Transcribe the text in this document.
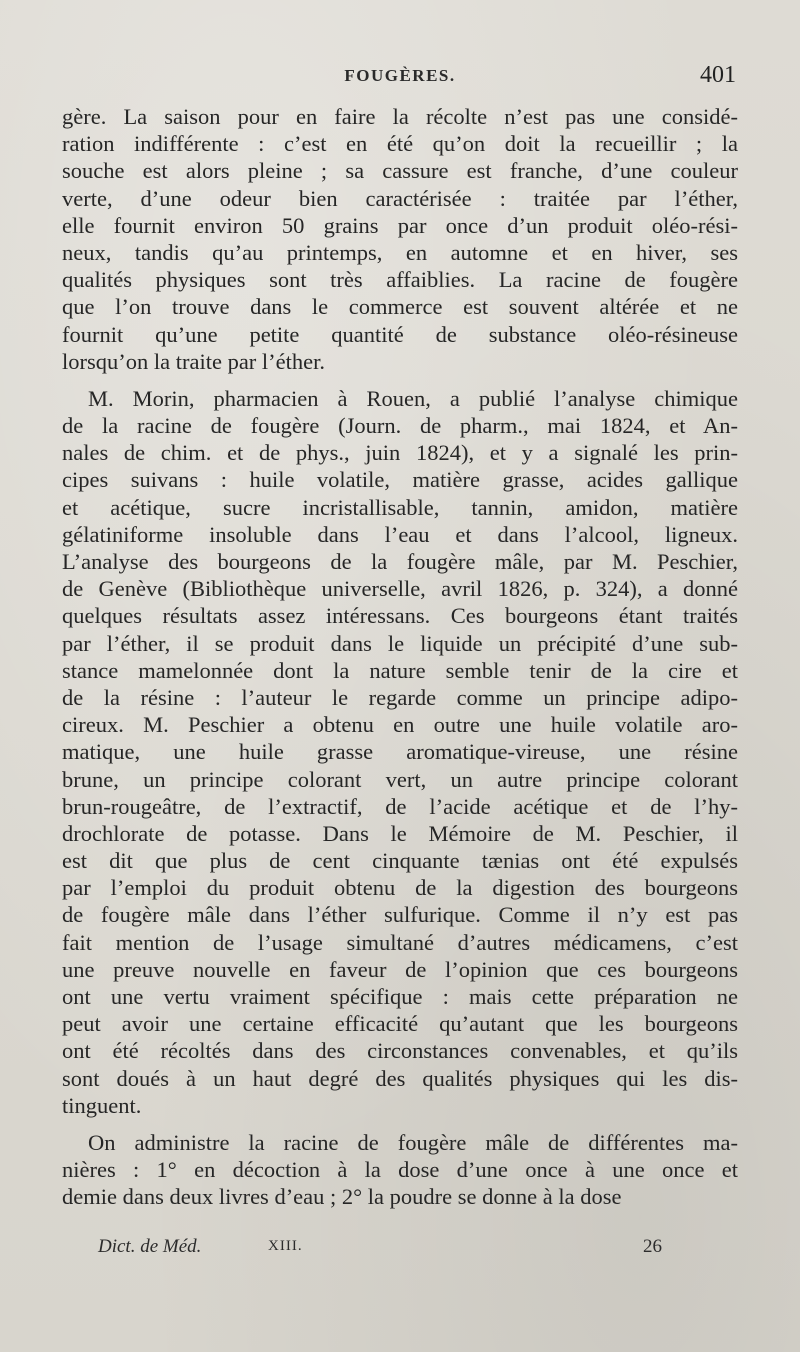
FOUGÈRES.	401
gère. La saison pour en faire la récolte n’est pas une considé-
ration indifférente : c’est en été qu’on doit la recueillir ; la
souche est alors pleine ; sa cassure est franche, d’une couleur
verte, d’une odeur bien caractérisée : traitée par l’éther,
elle fournit environ 50 grains par once d’un produit oléo-rési-
neux, tandis qu’au printemps, en automne et en hiver, ses
qualités physiques sont très affaiblies. La racine de fougère
que l’on trouve dans le commerce est souvent altérée et ne
fournit qu’une petite quantité de substance oléo-résineuse
lorsqu’on la traite par l’éther.
M. Morin, pharmacien à Rouen, a publié l’analyse chimique
de la racine de fougère (Journ. de pharm., mai 1824, et An-
nales de chim. et de phys., juin 1824), et y a signalé les prin-
cipes suivans : huile volatile, matière grasse, acides gallique
et acétique, sucre incristallisable, tannin, amidon, matière
gélatiniforme insoluble dans l’eau et dans l’alcool, ligneux.
L’analyse des bourgeons de la fougère mâle, par M. Peschier,
de Genève (Bibliothèque universelle, avril 1826, p. 324), a donné
quelques résultats assez intéressans. Ces bourgeons étant traités
par l’éther, il se produit dans le liquide un précipité d’une sub-
stance mamelonnée dont la nature semble tenir de la cire et
de la résine : l’auteur le regarde comme un principe adipo-
cireux. M. Peschier a obtenu en outre une huile volatile aro-
matique, une huile grasse aromatique-vireuse, une résine
brune, un principe colorant vert, un autre principe colorant
brun-rougeâtre, de l’extractif, de l’acide acétique et de l’hy-
drochlorate de potasse. Dans le Mémoire de M. Peschier, il
est dit que plus de cent cinquante tænias ont été expulsés
par l’emploi du produit obtenu de la digestion des bourgeons
de fougère mâle dans l’éther sulfurique. Comme il n’y est pas
fait mention de l’usage simultané d’autres médicamens, c’est
une preuve nouvelle en faveur de l’opinion que ces bourgeons
ont une vertu vraiment spécifique : mais cette préparation ne
peut avoir une certaine efficacité qu’autant que les bourgeons
ont été récoltés dans des circonstances convenables, et qu’ils
sont doués à un haut degré des qualités physiques qui les dis-
tinguent.
On administre la racine de fougère mâle de différentes ma-
nières : 1° en décoction à la dose d’une once à une once et
demie dans deux livres d’eau ; 2° la poudre se donne à la dose
Dict. de Méd.	XIII.	26
